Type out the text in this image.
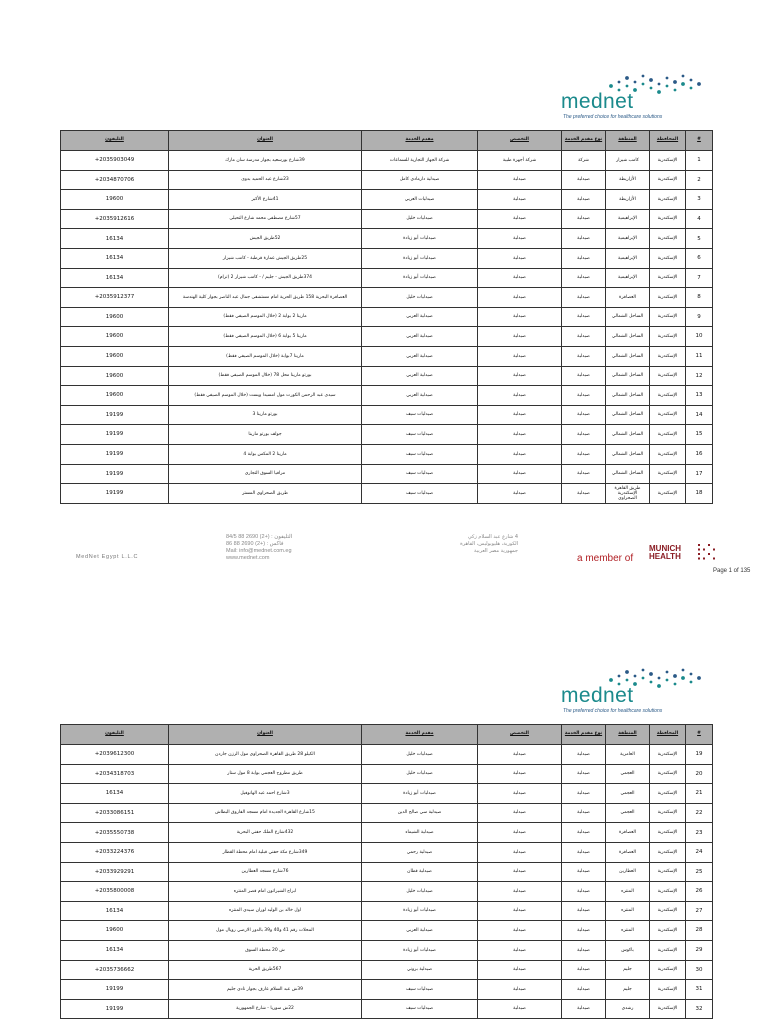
mednet
The preferred choice for healthcare solutions
التليفون	العنوان	مقدم الخدمة	التخصص	نوع مقدم الخدمة	المنطقة	المحافظة	#
+2035903049	39شارع بورسعيد بجوار مدرسة سان مارك	شركة الجهاز التجارية للسماعات	شركة أجهزة طبية	شركة	كامب شيزار	الإسكندرية	1
+2034870706	23شارع عبد الحميد بدوى	صيدلية دارمادي كامل	صيدلية	صيدلية	الأزاريطة	الإسكندرية	2
19600	41شارع الأكبر	صيدليات العربي	صيدلية	صيدلية	الأزاريطة	الإسكندرية	3
+2035912616	57شارع مصطفى محمد شارع التحيلى	صيدليات خليل	صيدلية	صيدلية	الإبراهيمية	الإسكندرية	4
16134	52طريق الجيش	صيدليات أبو زيادة	صيدلية	صيدلية	الإبراهيمية	الإسكندرية	5
16134	25طريق الجيش عمارة قرطبة - كامب شيزار	صيدليات أبو زيادة	صيدلية	صيدلية	الإبراهيمية	الإسكندرية	6
16134	374طريق الجيش - جليم / - كامب شيزار 2 (ترام)	صيدليات أبو زيادة	صيدلية	صيدلية	الإبراهيمية	الإسكندرية	7
+2035912377	العصافرة البحرية 158 طريق الحرية امام مستشفى جمال عبد الناصر بجوار كلية الهندسة	صيدليات خليل	صيدلية	صيدلية	العصافرة	الإسكندرية	8
19600	مارينا 2 بوابة 2 (خلال الموسم الصيفي فقط)	صيدلية العربي	صيدلية	صيدلية	الساحل الشمالي	الإسكندرية	9
19600	مارينا 5 بوابة 6 (خلال الموسم الصيفي فقط)	صيدلية العربي	صيدلية	صيدلية	الساحل الشمالي	الإسكندرية	10
19600	مارينا 7بوابة (خلال الموسم الصيفي فقط)	صيدلية العربي	صيدلية	صيدلية	الساحل الشمالي	الإسكندرية	11
19600	بورتو مارينا محل 78 (خلال الموسم الصيفي فقط)	صيدلية العربي	صيدلية	صيدلية	الساحل الشمالي	الإسكندرية	12
19600	سيدى عبد الرحمن الكورت مول امسيدا ويست (خلال الموسم الصيفي فقط)	صيدلية العربي	صيدلية	صيدلية	الساحل الشمالي	الإسكندرية	13
19199	بورتو مارينا 3	صيدليات سيف	صيدلية	صيدلية	الساحل الشمالي	الإسكندرية	14
19199	جولف بورتو مارينا	صيدليات سيف	صيدلية	صيدلية	الساحل الشمالي	الإسكندرية	15
19199	مارينا 2 المكس بوابة 4	صيدليات سيف	صيدلية	صيدلية	الساحل الشمالي	الإسكندرية	16
19199	مرافيا السوق التجاري	صيدليات سيف	صيدلية	صيدلية	الساحل الشمالي	الإسكندرية	17
19199	طريق الصحراوي المستر	صيدليات سيف	صيدلية	صيدلية	طريق القاهرة الإسكندرية الصحراوي	الإسكندرية	18
MedNet Egypt L.L.C
التليفون : (+2) 2690 88 84/5
فاكس : (+2) 2690 88 86
Mail: info@mednet.com.eg
www.mednet.com
4 شارع عبد السلام زكي
الكوربة، هليوبوليس، القاهرة
جمهورية مصر العربية
a member of
MUNICH
HEALTH
Page 1 of 135
mednet
The preferred choice for healthcare solutions
التليفون	العنوان	مقدم الخدمة	التخصص	نوع مقدم الخدمة	المنطقة	المحافظة	#
+2039612300	الكيلو 28 طريق القاهرة الصحراوي مول الرزن جاردن	صيدليات خليل	صيدلية	صيدلية	العامرية	الإسكندرية	19
+2034318703	طريق مطروح العجمي بوابة 8 مول ستار	صيدليات خليل	صيدلية	صيدلية	العجمي	الإسكندرية	20
16134	3شارع احمد عبد الهانوفيل	صيدليات أبو زيادة	صيدلية	صيدلية	العجمي	الإسكندرية	21
+2033086151	15شارع القاهرة الجديدة امام مسجد الفاروق البطاش	صيدلية سي صالح الدين	صيدلية	صيدلية	العجمي	الإسكندرية	22
+2035550738	432شارع الملك حفني البحرية	صيدلية الشيماء	صيدلية	صيدلية	العصافرة	الإسكندرية	23
+2033224376	349شارع مكة حفني قبلية امام محطة القطار	صيدلية رحمي	صيدلية	صيدلية	العصافرة	الإسكندرية	24
+2033929291	76شارع مسجد العطارين	صيدلية قطان	صيدلية	صيدلية	العطارين	الإسكندرية	25
+2035800008	ابراج الشيراتون امام قصر المنتزه	صيدليات خليل	صيدلية	صيدلية	المنتزه	الإسكندرية	26
16134	اول خالد بن الوليد لوران سيدي المنتزه	صيدليات أبو زيادة	صيدلية	صيدلية	المنتزه	الإسكندرية	27
19600	المحلات رقم 41 و40 و39 بالدور الارضي رويال مول	صيدلية العربي	صيدلية	صيدلية	المنتزه	الإسكندرية	28
16134	ش 20 محطة السوق	صيدليات أبو زيادة	صيدلية	صيدلية	باكوس	الإسكندرية	29
+2035736662	567طريق الحرية	صيدلية بروني	صيدلية	صيدلية	جليم	الإسكندرية	30
19199	39ش عبد السلام عارف بجوار نادي جليم	صيدليات سيف	صيدلية	صيدلية	جليم	الإسكندرية	31
19199	22ش سوريا - شارع الجمهورية	صيدليات سيف	صيدلية	صيدلية	رشدي	الإسكندرية	32
